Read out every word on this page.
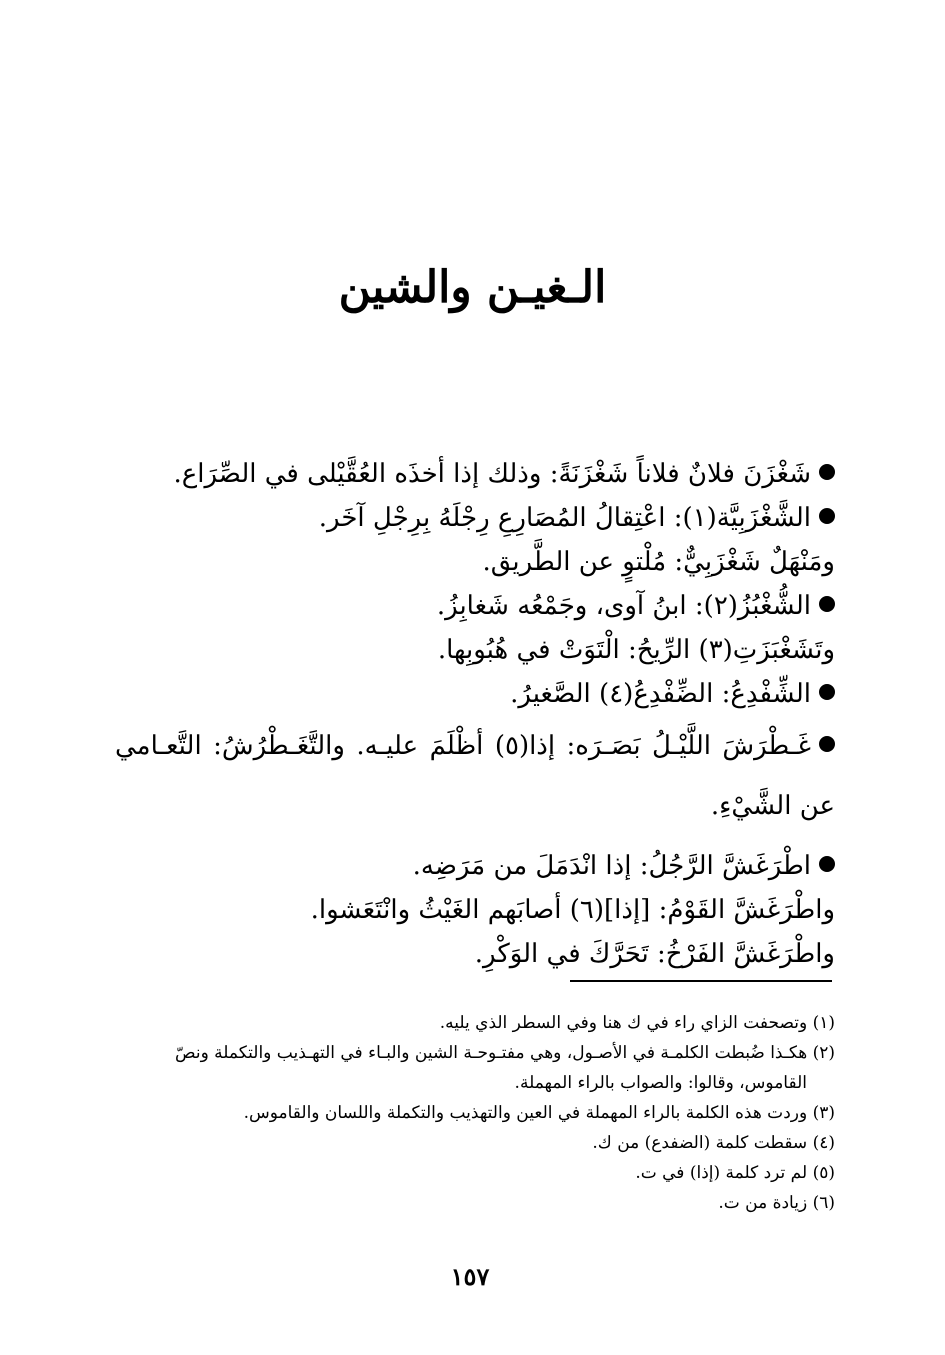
الـغيـن والشين
شَغْزَنَ فلانٌ فلاناً شَغْزَنَةً: وذلك إذا أخذَه العُقَّيْلى في الصِّرَاع.
الشَّغْزَبِيَّة(١): اعْتِقالُ المُصَارِعِ رِجْلَهُ بِرِجْلِ آخَر.
ومَنْهَلٌ شَغْزَبِيٌّ: مُلْتوٍ عن الطَّريق.
الشُّغْبُزُ(٢): ابنُ آوى، وجَمْعُه شَغابِزُ.
وتَشَغْبَزَتِ(٣) الرِّيحُ: الْتَوَتْ في هُبُوبِها.
الشِّفْدِعُ: الضِّفْدِعُ(٤) الصَّغيرُ.
غَـطْرَشَ اللَّيْـلُ بَصَـرَه: إذا(٥) أظْلَمَ عليـه. والتَّغَـطْرُشُ: التَّعـامي عن الشَّيْءِ.
اطْرَغَشَّ الرَّجُلُ: إذا انْدَمَلَ من مَرَضِه.
واطْرَغَشَّ القَوْمُ: [إذا](٦) أصابَهم الغَيْثُ وانْتَعَشوا.
واطْرَغَشَّ الفَرْخُ: تَحَرَّكَ في الوَكْرِ.
(١) وتصحفت الزاي راء في ك هنا وفي السطر الذي يليه.
(٢) هكـذا ضُبطت الكلمـة في الأصـول، وهي مفتـوحـة الشين والبـاء في التهـذيب والتكملة ونصّ
القاموس، وقالوا: والصواب بالراء المهملة.
(٣) وردت هذه الكلمة بالراء المهملة في العين والتهذيب والتكملة واللسان والقاموس.
(٤) سقطت كلمة (الضفدع) من ك.
(٥) لم ترد كلمة (إذا) في ت.
(٦) زيادة من ت.
١٥٧
